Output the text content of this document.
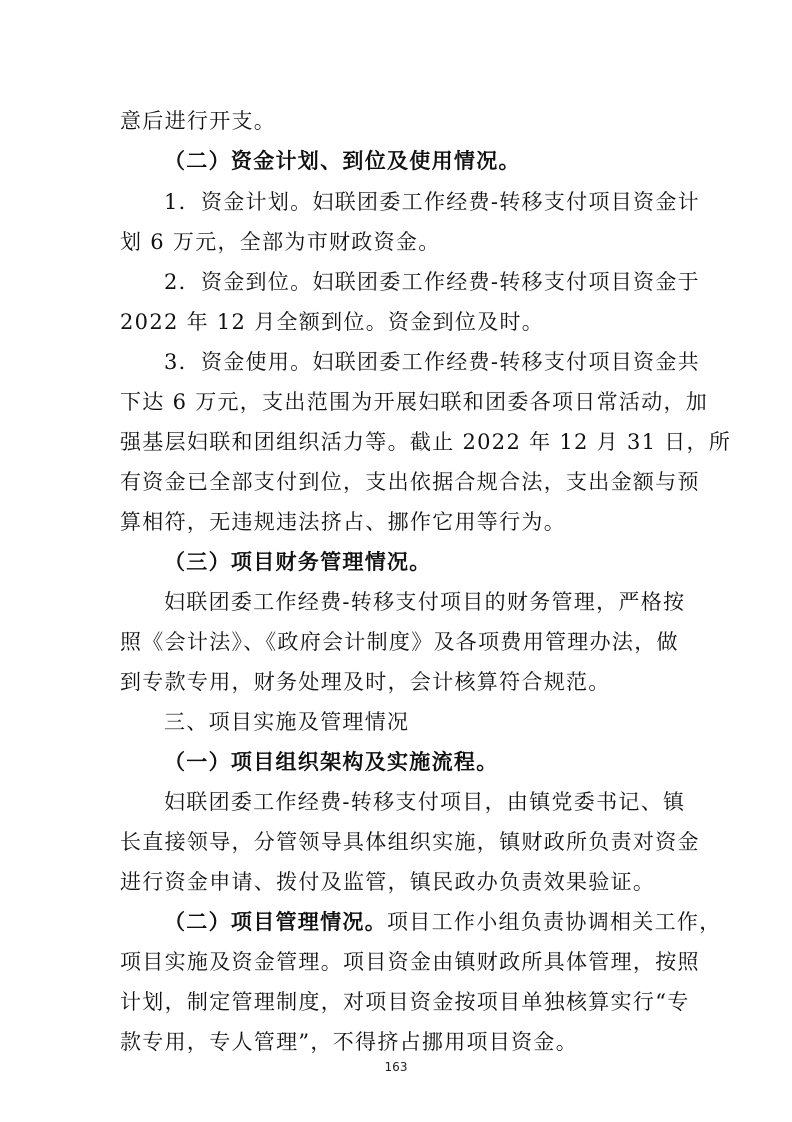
意后进行开支。
（二）资金计划、到位及使用情况。
1．资金计划。妇联团委工作经费-转移支付项目资金计
划 6 万元，全部为市财政资金。
2．资金到位。妇联团委工作经费-转移支付项目资金于
2022 年 12 月全额到位。资金到位及时。
3．资金使用。妇联团委工作经费-转移支付项目资金共
下达 6 万元，支出范围为开展妇联和团委各项日常活动，加
强基层妇联和团组织活力等。截止 2022 年 12 月 31 日，所
有资金已全部支付到位，支出依据合规合法，支出金额与预
算相符，无违规违法挤占、挪作它用等行为。
（三）项目财务管理情况。
妇联团委工作经费-转移支付项目的财务管理，严格按
照《会计法》、《政府会计制度》及各项费用管理办法，做
到专款专用，财务处理及时，会计核算符合规范。
三、项目实施及管理情况
（一）项目组织架构及实施流程。
妇联团委工作经费-转移支付项目，由镇党委书记、镇
长直接领导，分管领导具体组织实施，镇财政所负责对资金
进行资金申请、拨付及监管，镇民政办负责效果验证。
（二）项目管理情况。项目工作小组负责协调相关工作，
项目实施及资金管理。项目资金由镇财政所具体管理，按照
计划，制定管理制度，对项目资金按项目单独核算实行“专
款专用，专人管理”，不得挤占挪用项目资金。
163
